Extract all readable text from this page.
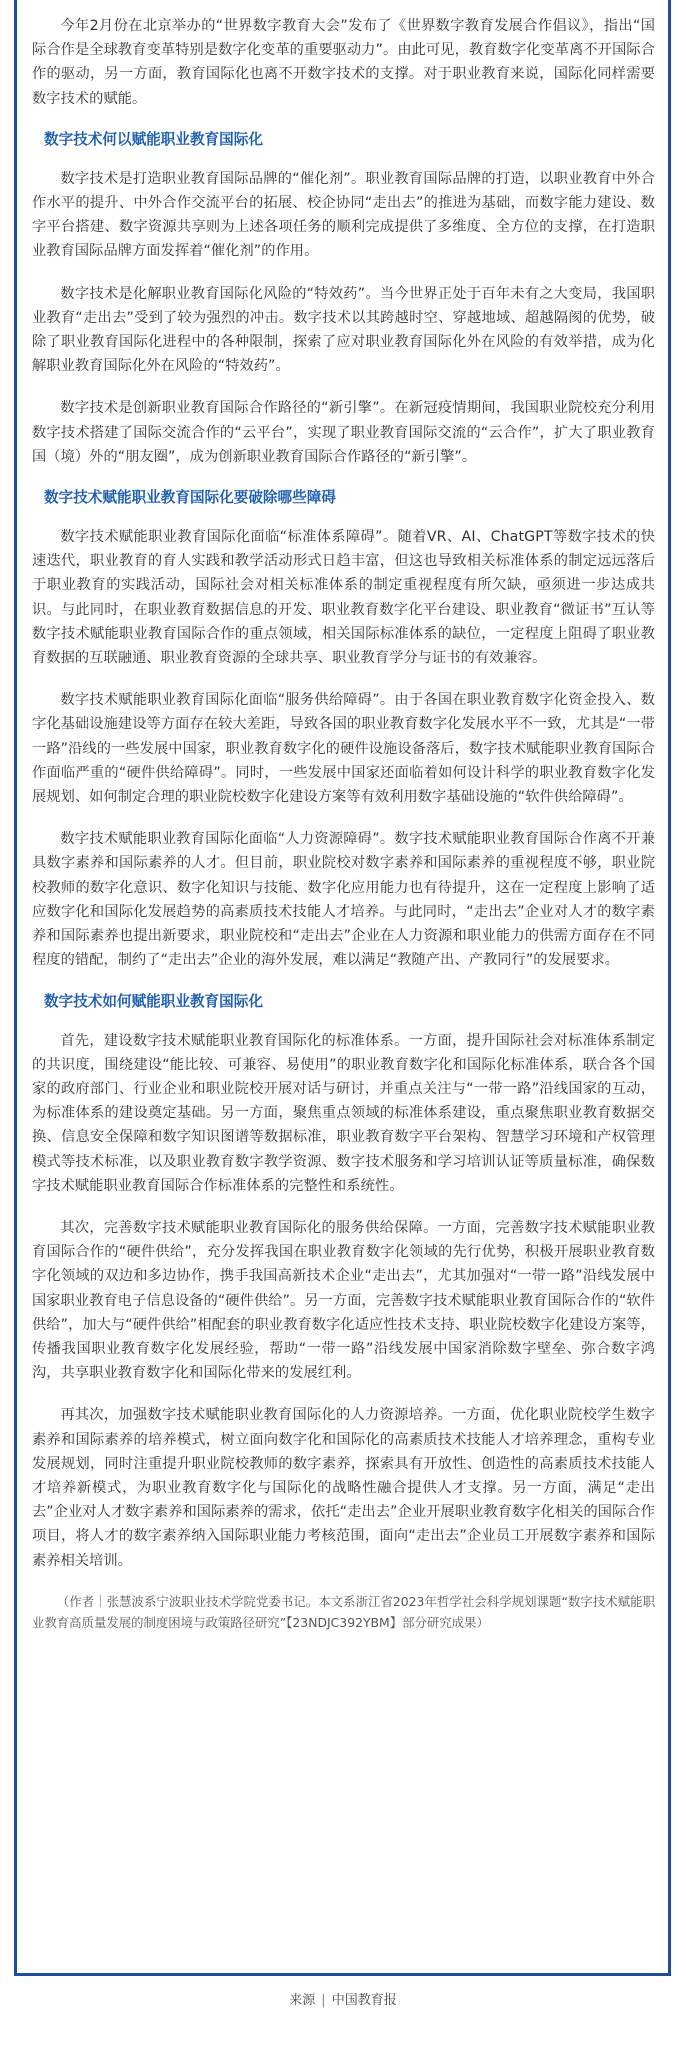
今年2月份在北京举办的“世界数字教育大会”发布了《世界数字教育发展合作倡议》，指出“国际合作是全球教育变革特别是数字化变革的重要驱动力”。由此可见，教育数字化变革离不开国际合作的驱动，另一方面，教育国际化也离不开数字技术的支撑。对于职业教育来说，国际化同样需要数字技术的赋能。

数字技术何以赋能职业教育国际化

数字技术是打造职业教育国际品牌的“催化剂”。职业教育国际品牌的打造，以职业教育中外合作水平的提升、中外合作交流平台的拓展、校企协同“走出去”的推进为基础，而数字能力建设、数字平台搭建、数字资源共享则为上述各项任务的顺利完成提供了多维度、全方位的支撑，在打造职业教育国际品牌方面发挥着“催化剂”的作用。

数字技术是化解职业教育国际化风险的“特效药”。当今世界正处于百年未有之大变局，我国职业教育“走出去”受到了较为强烈的冲击。数字技术以其跨越时空、穿越地域、超越隔阂的优势，破除了职业教育国际化进程中的各种限制，探索了应对职业教育国际化外在风险的有效举措，成为化解职业教育国际化外在风险的“特效药”。

数字技术是创新职业教育国际合作路径的“新引擎”。在新冠疫情期间，我国职业院校充分利用数字技术搭建了国际交流合作的“云平台”，实现了职业教育国际交流的“云合作”，扩大了职业教育国（境）外的“朋友圈”，成为创新职业教育国际合作路径的“新引擎”。

数字技术赋能职业教育国际化要破除哪些障碍

数字技术赋能职业教育国际化面临“标准体系障碍”。随着VR、AI、ChatGPT等数字技术的快速迭代，职业教育的育人实践和教学活动形式日趋丰富，但这也导致相关标准体系的制定远远落后于职业教育的实践活动，国际社会对相关标准体系的制定重视程度有所欠缺，亟须进一步达成共识。与此同时，在职业教育数据信息的开发、职业教育数字化平台建设、职业教育“微证书”互认等数字技术赋能职业教育国际合作的重点领域，相关国际标准体系的缺位，一定程度上阻碍了职业教育数据的互联融通、职业教育资源的全球共享、职业教育学分与证书的有效兼容。

数字技术赋能职业教育国际化面临“服务供给障碍”。由于各国在职业教育数字化资金投入、数字化基础设施建设等方面存在较大差距，导致各国的职业教育数字化发展水平不一致，尤其是“一带一路”沿线的一些发展中国家，职业教育数字化的硬件设施设备落后，数字技术赋能职业教育国际合作面临严重的“硬件供给障碍”。同时，一些发展中国家还面临着如何设计科学的职业教育数字化发展规划、如何制定合理的职业院校数字化建设方案等有效利用数字基础设施的“软件供给障碍”。

数字技术赋能职业教育国际化面临“人力资源障碍”。数字技术赋能职业教育国际合作离不开兼具数字素养和国际素养的人才。但目前，职业院校对数字素养和国际素养的重视程度不够，职业院校教师的数字化意识、数字化知识与技能、数字化应用能力也有待提升，这在一定程度上影响了适应数字化和国际化发展趋势的高素质技术技能人才培养。与此同时，“走出去”企业对人才的数字素养和国际素养也提出新要求，职业院校和“走出去”企业在人力资源和职业能力的供需方面存在不同程度的错配，制约了“走出去”企业的海外发展，难以满足“教随产出、产教同行”的发展要求。

数字技术如何赋能职业教育国际化

首先，建设数字技术赋能职业教育国际化的标准体系。一方面，提升国际社会对标准体系制定的共识度，围绕建设“能比较、可兼容、易使用”的职业教育数字化和国际化标准体系，联合各个国家的政府部门、行业企业和职业院校开展对话与研讨，并重点关注与“一带一路”沿线国家的互动，为标准体系的建设奠定基础。另一方面，聚焦重点领域的标准体系建设，重点聚焦职业教育数据交换、信息安全保障和数字知识图谱等数据标准，职业教育数字平台架构、智慧学习环境和产权管理模式等技术标准，以及职业教育数字教学资源、数字技术服务和学习培训认证等质量标准，确保数字技术赋能职业教育国际合作标准体系的完整性和系统性。

其次，完善数字技术赋能职业教育国际化的服务供给保障。一方面，完善数字技术赋能职业教育国际合作的“硬件供给”，充分发挥我国在职业教育数字化领域的先行优势，积极开展职业教育数字化领域的双边和多边协作，携手我国高新技术企业“走出去”，尤其加强对“一带一路”沿线发展中国家职业教育电子信息设备的“硬件供给”。另一方面，完善数字技术赋能职业教育国际合作的“软件供给”，加大与“硬件供给”相配套的职业教育数字化适应性技术支持、职业院校数字化建设方案等，传播我国职业教育数字化发展经验，帮助“一带一路”沿线发展中国家消除数字壁垒、弥合数字鸿沟，共享职业教育数字化和国际化带来的发展红利。

再其次，加强数字技术赋能职业教育国际化的人力资源培养。一方面，优化职业院校学生数字素养和国际素养的培养模式，树立面向数字化和国际化的高素质技术技能人才培养理念，重构专业发展规划，同时注重提升职业院校教师的数字素养，探索具有开放性、创造性的高素质技术技能人才培养新模式，为职业教育数字化与国际化的战略性融合提供人才支撑。另一方面，满足“走出去”企业对人才数字素养和国际素养的需求，依托“走出去”企业开展职业教育数字化相关的国际合作项目，将人才的数字素养纳入国际职业能力考核范围，面向“走出去”企业员工开展数字素养和国际素养相关培训。

（作者｜张慧波系宁波职业技术学院党委书记。本文系浙江省2023年哲学社会科学规划课题“数字技术赋能职业教育高质量发展的制度困境与政策路径研究”【23NDJC392YBM】部分研究成果）

来源 | 中国教育报
